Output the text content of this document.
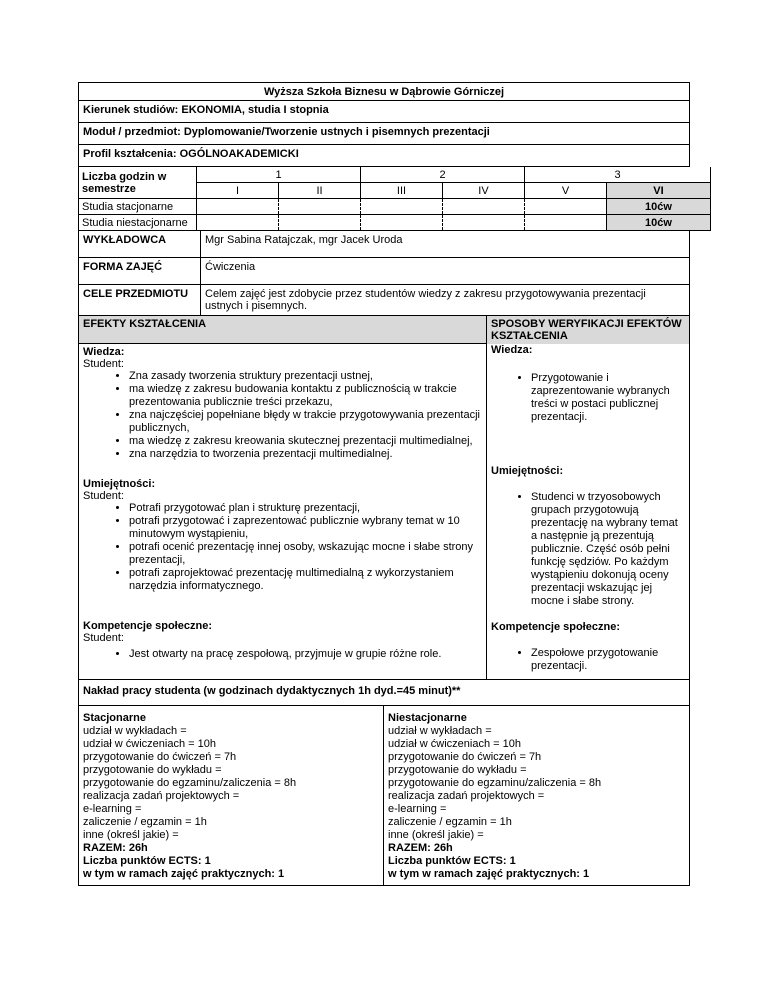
Wyższa Szkoła Biznesu w Dąbrowie Górniczej
Kierunek studiów: EKONOMIA, studia I stopnia
Moduł / przedmiot: Dyplomowanie/Tworzenie ustnych i pisemnych prezentacji
Profil kształcenia: OGÓLNOAKADEMICKI
Liczba godzin w semestrze	1		2		3	
	I	II	III	IV	V	VI
Studia stacjonarne						10ćw
Studia niestacjonarne						10ćw
WYKŁADOWCA	Mgr Sabina Ratajczak, mgr Jacek Uroda
FORMA ZAJĘĆ	Ćwiczenia
CELE PRZEDMIOTU	Celem zajęć jest zdobycie przez studentów wiedzy z zakresu przygotowywania prezentacji ustnych i pisemnych.
EFEKTY KSZTAŁCENIA
Wiedza:
Student:
• Zna zasady tworzenia struktury prezentacji ustnej,
• ma wiedzę z zakresu budowania kontaktu z publicznością w trakcie prezentowania publicznie treści przekazu,
• zna najczęściej popełniane błędy w trakcie przygotowywania prezentacji publicznych,
• ma wiedzę z zakresu kreowania skutecznej prezentacji multimedialnej,
• zna narzędzia to tworzenia prezentacji multimedialnej.
Umiejętności:
Student:
• Potrafi przygotować plan i strukturę prezentacji,
• potrafi przygotować i zaprezentować publicznie wybrany temat w 10 minutowym wystąpieniu,
• potrafi ocenić prezentację innej osoby, wskazując mocne i słabe strony prezentacji,
• potrafi zaprojektować prezentację multimedialną z wykorzystaniem narzędzia informatycznego.
Kompetencje społeczne:
Student:
• Jest otwarty na pracę zespołową, przyjmuje w grupie różne role.
SPOSOBY WERYFIKACJI EFEKTÓW KSZTAŁCENIA
Wiedza:
• Przygotowanie i zaprezentowanie wybranych treści w postaci publicznej prezentacji.
Umiejętności:
• Studenci w trzyosobowych grupach przygotowują prezentację na wybrany temat a następnie ją prezentują publicznie. Część osób pełni funkcję sędziów. Po każdym wystąpieniu dokonują oceny prezentacji wskazując jej mocne i słabe strony.
Kompetencje społeczne:
• Zespołowe przygotowanie prezentacji.
Nakład pracy studenta (w godzinach dydaktycznych 1h dyd.=45 minut)**
Stacjonarne
udział w wykładach =
udział w ćwiczeniach = 10h
przygotowanie do ćwiczeń = 7h
przygotowanie do wykładu =
przygotowanie do egzaminu/zaliczenia = 8h
realizacja zadań projektowych =
e-learning =
zaliczenie / egzamin = 1h
inne (określ jakie) =
RAZEM: 26h
Liczba punktów ECTS: 1
w tym w ramach zajęć praktycznych: 1
Niestacjonarne
udział w wykładach =
udział w ćwiczeniach = 10h
przygotowanie do ćwiczeń = 7h
przygotowanie do wykładu =
przygotowanie do egzaminu/zaliczenia = 8h
realizacja zadań projektowych =
e-learning =
zaliczenie / egzamin = 1h
inne (określ jakie) =
RAZEM: 26h
Liczba punktów ECTS: 1
w tym w ramach zajęć praktycznych: 1
